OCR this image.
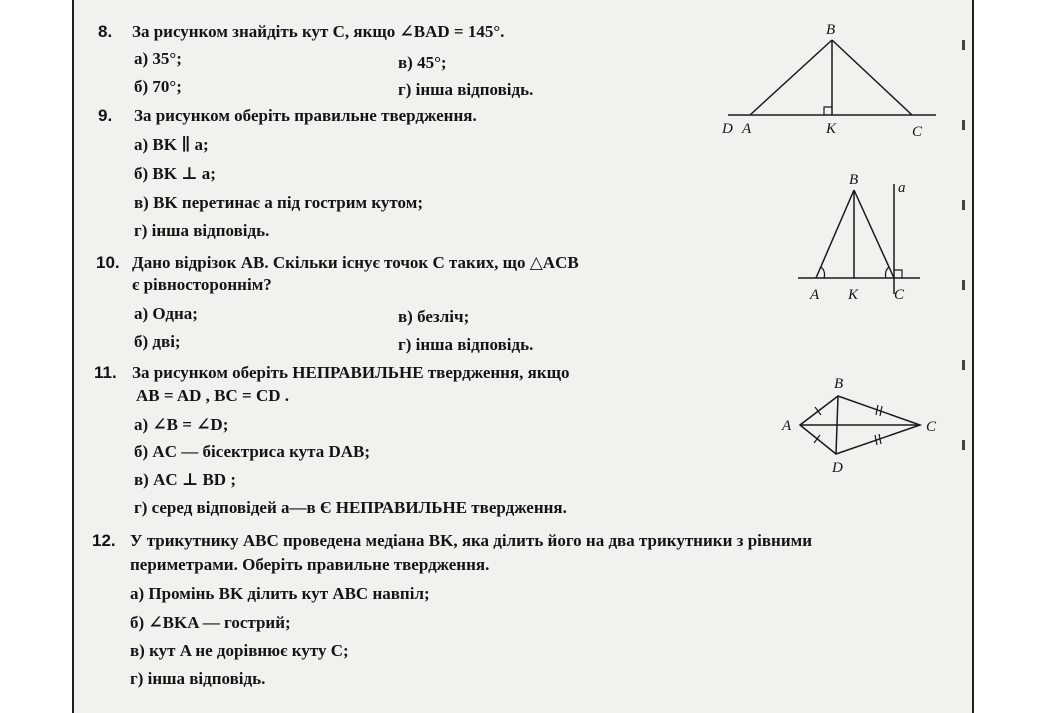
8. За рисунком знайдіть кут C, якщо ∠BAD = 145°.
а) 35°;
б) 70°;
в) 45°;
г) інша відповідь.
9. За рисунком оберіть правильне твердження.
а) BK ∥ a;
б) BK ⊥ a;
в) BK перетинає a під гострим кутом;
г) інша відповідь.
10. Дано відрізок AB. Скільки існує точок C таких, що △ACB
є рівностороннім?
а) Одна;
б) дві;
в) безліч;
г) інша відповідь.
11. За рисунком оберіть НЕПРАВИЛЬНЕ твердження, якщо
AB = AD , BC = CD .
а) ∠B = ∠D;
б) AC — бісектриса кута DAB;
в) AC ⊥ BD ;
г) серед відповідей а—в Є НЕПРАВИЛЬНЕ твердження.
12. У трикутнику ABC проведена медіана BK, яка ділить його на два трикутники з рівними
периметрами. Оберіть правильне твердження.
а) Промінь BK ділить кут ABC навпіл;
б) ∠BKA — гострий;
в) кут A не дорівнює куту C;
г) інша відповідь.
B
D A	K	C
B	a
A K C
B
A	C
D
